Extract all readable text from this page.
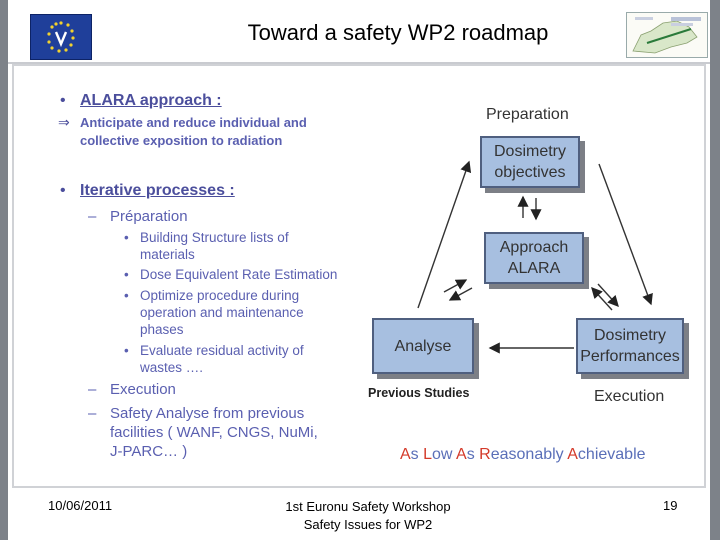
Toward a safety WP2 roadmap
• ALARA approach :
⇒ Anticipate and reduce individual and
collective exposition to radiation
• Iterative processes :
– Préparation
• Building Structure lists of
materials
• Dose Equivalent Rate Estimation
• Optimize procedure during
operation and maintenance
phases
• Evaluate residual activity of
wastes ….
– Execution
– Safety Analyse from previous
facilities ( WANF, CNGS, NuMi,
J-PARC… )
Preparation
Dosimetry
objectives
Approach
ALARA
Analyse
Dosimetry
Performances
Previous Studies	Execution
As Low As Reasonably Achievable
10/06/2011	1st Euronu Safety Workshop
Safety Issues for WP2
19
